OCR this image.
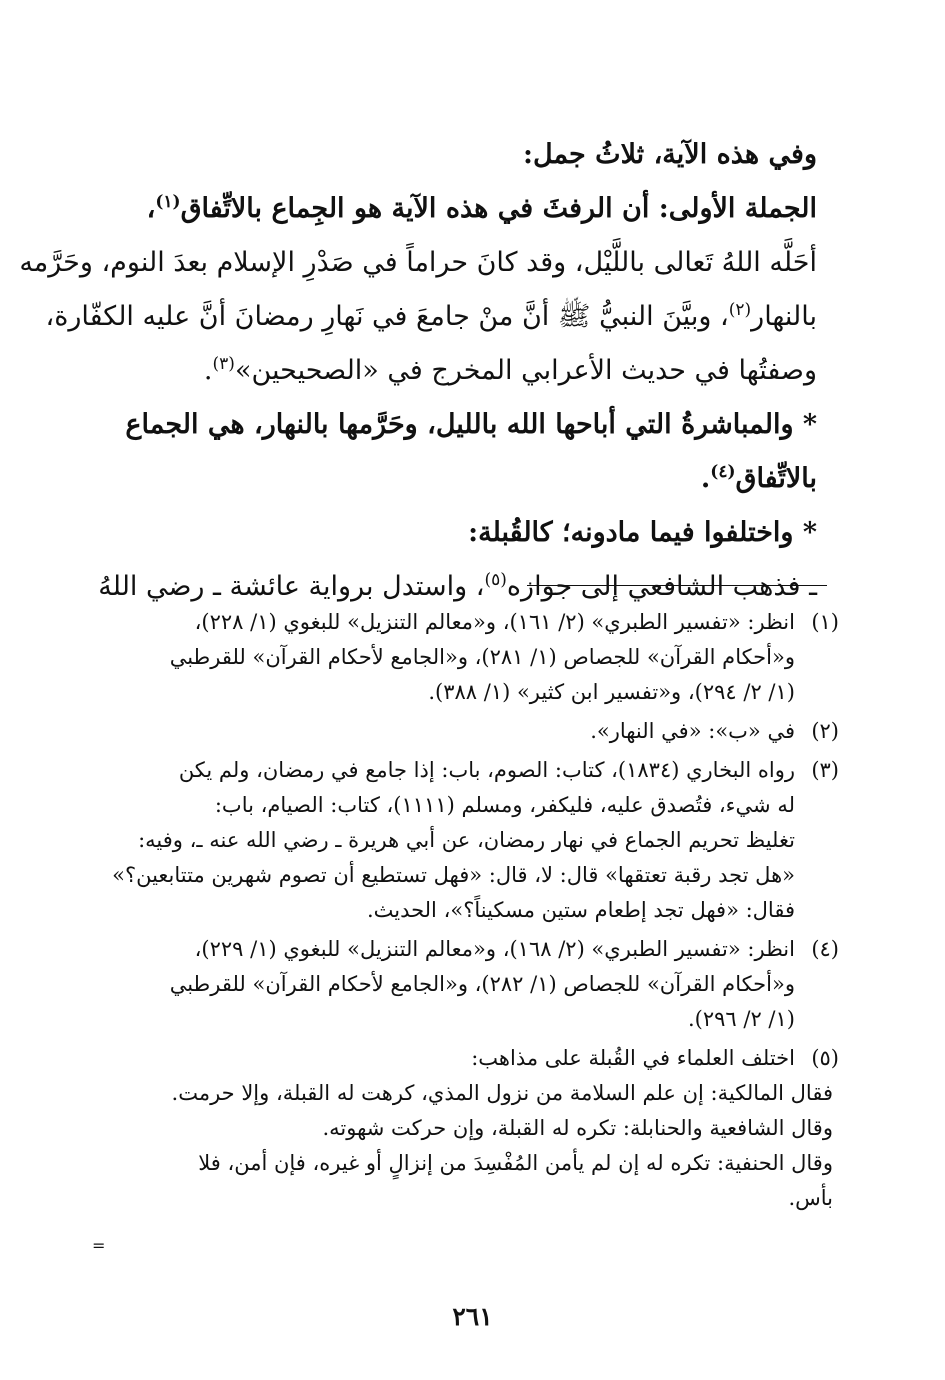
وفي هذه الآية، ثلاثُ جمل:
الجملة الأولى: أن الرفثَ في هذه الآية هو الجِماع بالاتِّفاق$^{(١)}$،
أحَلَّه اللهُ تَعالى باللَّيْل، وقد كانَ حراماً في صَدْرِ الإسلام بعدَ النوم، وحَرَّمه
بالنهار$^{(٢)}$، وبيَّنَ النبيُّ ﷺ أنَّ منْ جامعَ في نَهارِ رمضانَ أنَّ عليه الكفّارة،
وصفتُها في حديث الأعرابي المخرج في «الصحيحين»$^{(٣)}$.
* والمباشرةُ التي أباحها الله بالليل، وحَرَّمها بالنهار، هي الجماع
بالاتِّفاق$^{(٤)}$.
* واختلفوا فيما مادونه؛ كالقُبلة:
ـ فذهب الشافعي إلى جوازه$^{(٥)}$، واستدل برواية عائشة ـ رضي اللهُ
(١)
انظر: «تفسير الطبري» (٢/ ١٦١)، و«معالم التنزيل» للبغوي (١/ ٢٢٨)،
و«أحكام القرآن» للجصاص (١/ ٢٨١)، و«الجامع لأحكام القرآن» للقرطبي
(١/ ٢/ ٢٩٤)، و«تفسير ابن كثير» (١/ ٣٨٨).
(٢)
في «ب»: «في النهار».
(٣)
رواه البخاري (١٨٣٤)، كتاب: الصوم، باب: إذا جامع في رمضان، ولم يكن
له شيء، فتُصدق عليه، فليكفر، ومسلم (١١١١)، كتاب: الصيام، باب:
تغليظ تحريم الجماع في نهار رمضان، عن أبي هريرة ـ رضي الله عنه ـ، وفيه:
«هل تجد رقبة تعتقها» قال: لا، قال: «فهل تستطيع أن تصوم شهرين متتابعين؟»
فقال: «فهل تجد إطعام ستين مسكيناً؟»، الحديث.
(٤)
انظر: «تفسير الطبري» (٢/ ١٦٨)، و«معالم التنزيل» للبغوي (١/ ٢٢٩)،
و«أحكام القرآن» للجصاص (١/ ٢٨٢)، و«الجامع لأحكام القرآن» للقرطبي
(١/ ٢/ ٢٩٦).
(٥)
اختلف العلماء في القُبلة على مذاهب:
فقال المالكية: إن علم السلامة من نزول المذي، كرهت له القبلة، وإلا حرمت.
وقال الشافعية والحنابلة: تكره له القبلة، وإن حركت شهوته.
وقال الحنفية: تكره له إن لم يأمن المُفْسِدَ من إنزالٍ أو غيره، فإن أمن، فلا
بأس.
=
٢٦١
